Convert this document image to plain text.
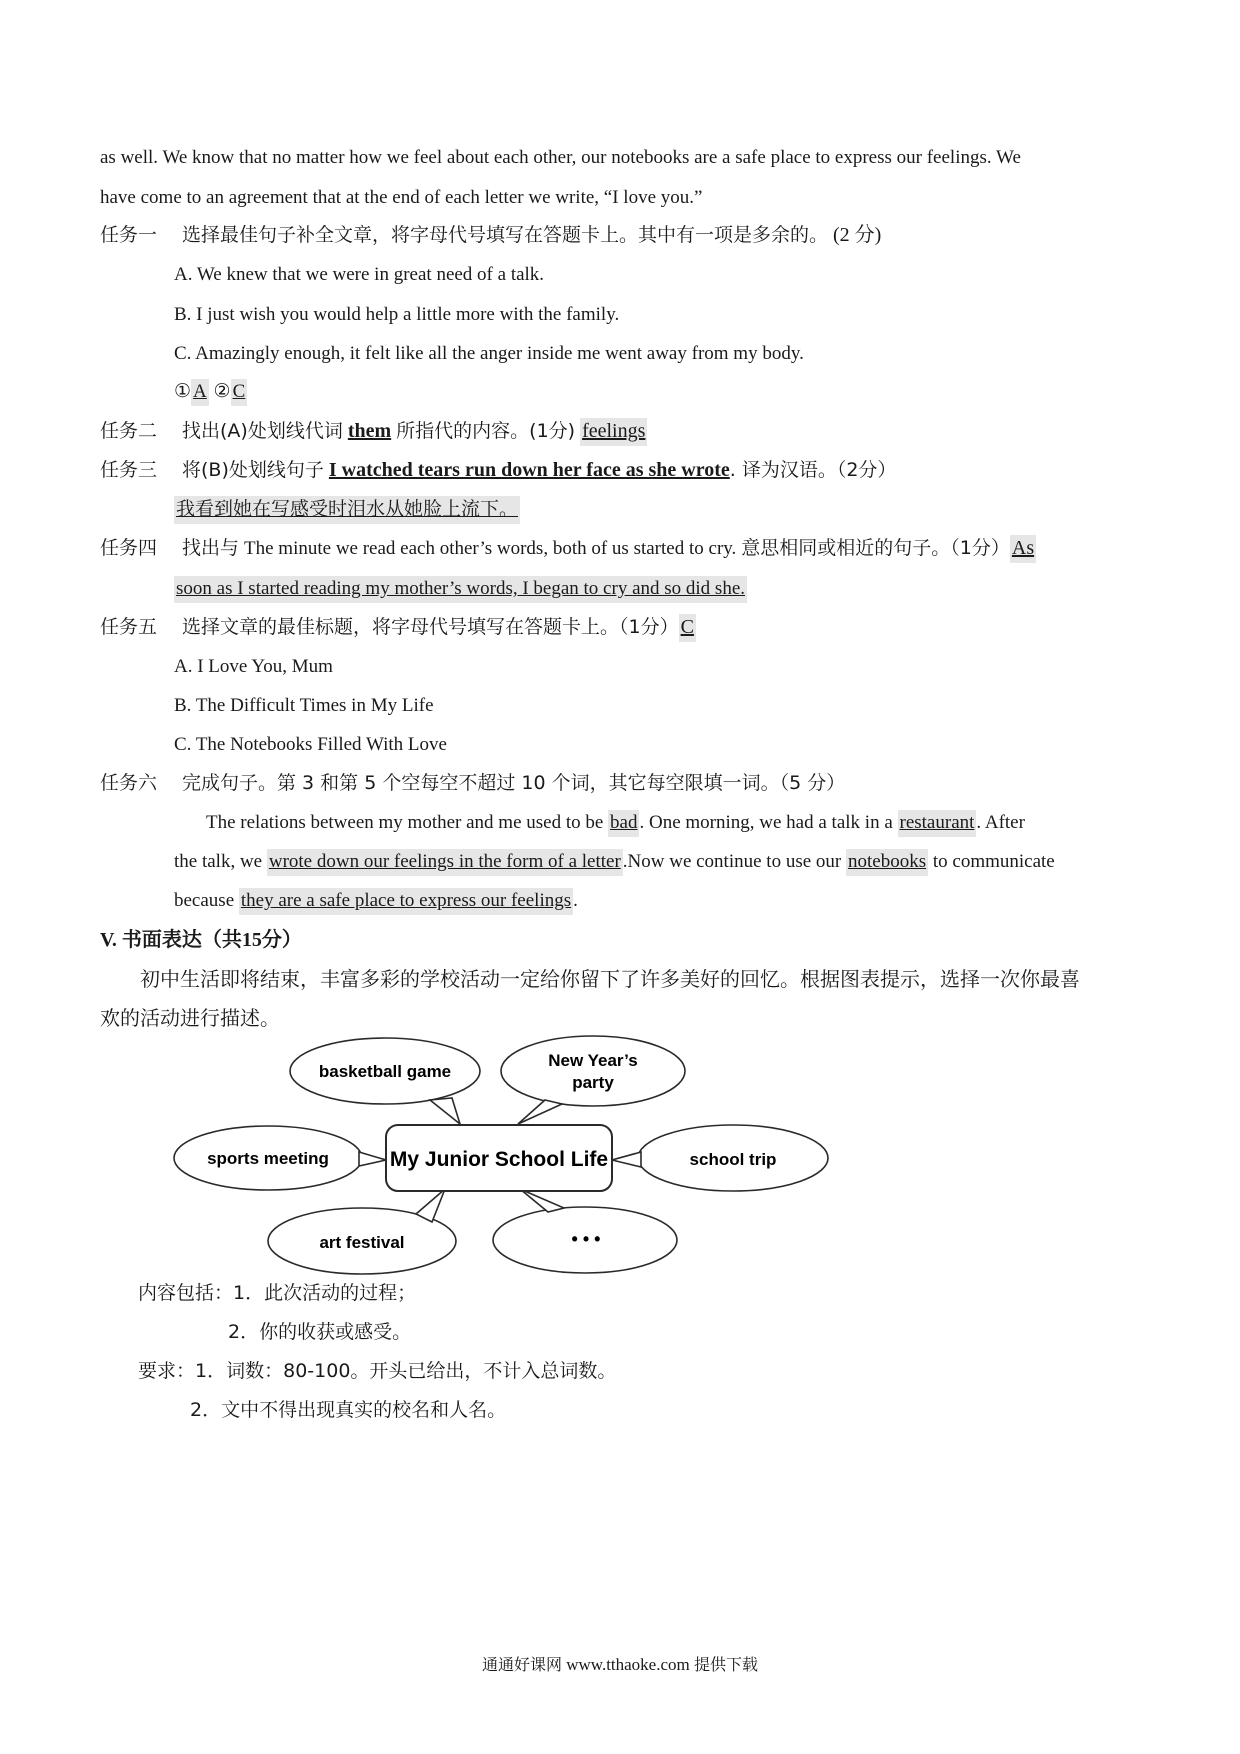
as well. We know that no matter how we feel about each other, our notebooks are a safe place to express our feelings. We
have come to an agreement that at the end of each letter we write, “I love you.”
任务一 选择最佳句子补全文章，将字母代号填写在答题卡上。其中有一项是多余的。 (2 分)
A. We knew that we were in great need of a talk.
B. I just wish you would help a little more with the family.
C. Amazingly enough, it felt like all the anger inside me went away from my body.
① A ② C
任务二 找出(A)处划线代词 them 所指代的内容。(1分) feelings
任务三 将(B)处划线句子 I watched tears run down her face as she wrote. 译为汉语。（2分）
我看到她在写感受时泪水从她脸上流下。
任务四 找出与 The minute we read each other’s words, both of us started to cry. 意思相同或相近的句子。（1分） As
soon as I started reading my mother’s words, I began to cry and so did she.
任务五 选择文章的最佳标题，将字母代号填写在答题卡上。（1分） C
A. I Love You, Mum
B. The Difficult Times in My Life
C. The Notebooks Filled With Love
任务六 完成句子。第 3 和第 5 个空每空不超过 10 个词，其它每空限填一词。（5 分）
The relations between my mother and me used to be bad . One morning, we had a talk in a restaurant . After
the talk, we wrote down our feelings in the form of a letter .Now we continue to use our notebooks to communicate
because they are a safe place to express our feelings .
V. 书面表达（共15分）
初中生活即将结束，丰富多彩的学校活动一定给你留下了许多美好的回忆。根据图表提示，选择一次你最喜
欢的活动进行描述。
basketball game
New Year’s
party
sports meeting	school trip
art festival	• • •
My Junior School Life
内容包括：1．此次活动的过程；
2．你的收获或感受。
要求：1．词数：80-100。开头已给出，不计入总词数。
2．文中不得出现真实的校名和人名。
通通好课网 www.tthaoke.com 提供下载
